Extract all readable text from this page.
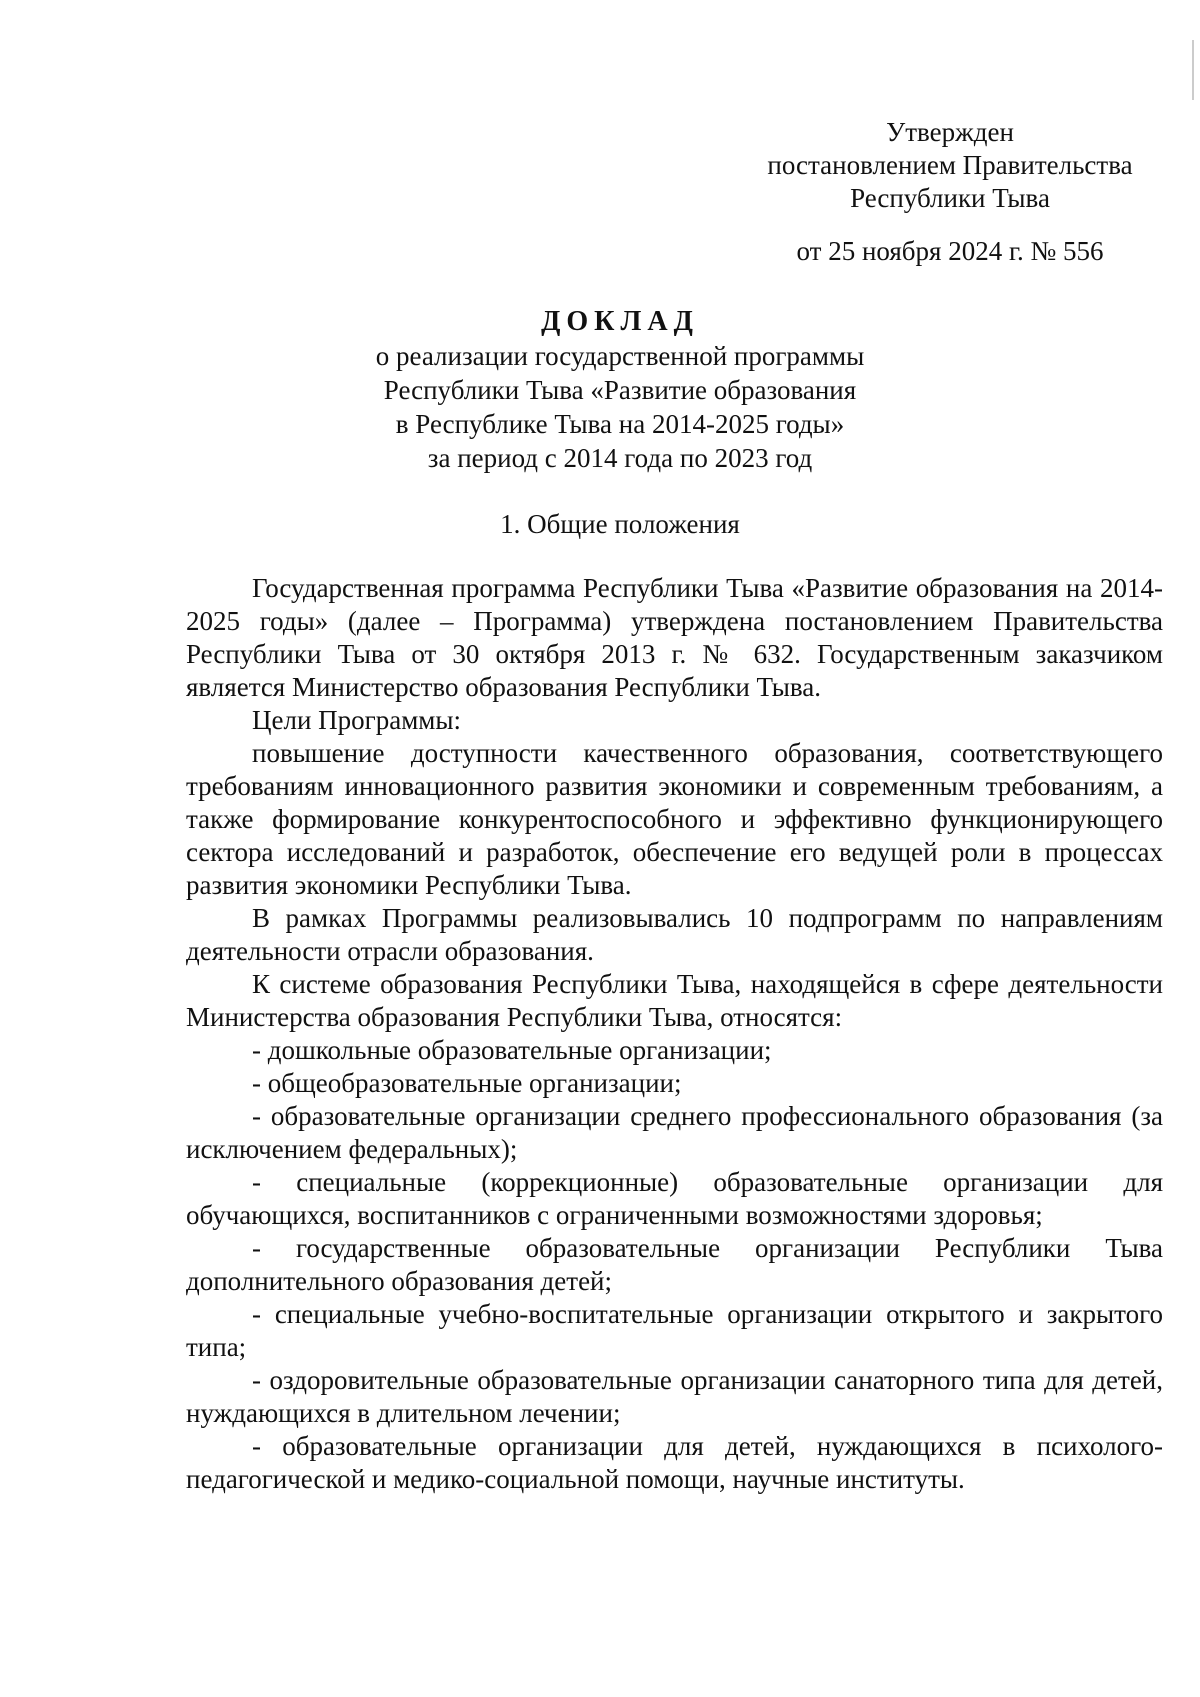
Утвержден
постановлением Правительства
Республики Тыва
от 25 ноября 2024 г. № 556
ДОКЛАД
о реализации государственной программы
Республики Тыва «Развитие образования
в Республике Тыва на 2014-2025 годы»
за период с 2014 года по 2023 год
1. Общие положения

Государственная программа Республики Тыва «Развитие образования на 2014-2025 годы» (далее – Программа) утверждена постановлением Правительства Республики Тыва от 30 октября 2013 г. № 632. Государственным заказчиком является Министерство образования Республики Тыва.

Цели Программы:

повышение доступности качественного образования, соответствующего требованиям инновационного развития экономики и современным требованиям, а также формирование конкурентоспособного и эффективно функционирующего сектора исследований и разработок, обеспечение его ведущей роли в процессах развития экономики Республики Тыва.

В рамках Программы реализовывались 10 подпрограмм по направлениям деятельности отрасли образования.

К системе образования Республики Тыва, находящейся в сфере деятельности Министерства образования Республики Тыва, относятся:

- дошкольные образовательные организации;

- общеобразовательные организации;

- образовательные организации среднего профессионального образования (за исключением федеральных);

- специальные (коррекционные) образовательные организации для обучающихся, воспитанников с ограниченными возможностями здоровья;

- государственные образовательные организации Республики Тыва дополнительного образования детей;

- специальные учебно-воспитательные организации открытого и закрытого типа;

- оздоровительные образовательные организации санаторного типа для детей, нуждающихся в длительном лечении;

- образовательные организации для детей, нуждающихся в психолого-педагогической и медико-социальной помощи, научные институты.
